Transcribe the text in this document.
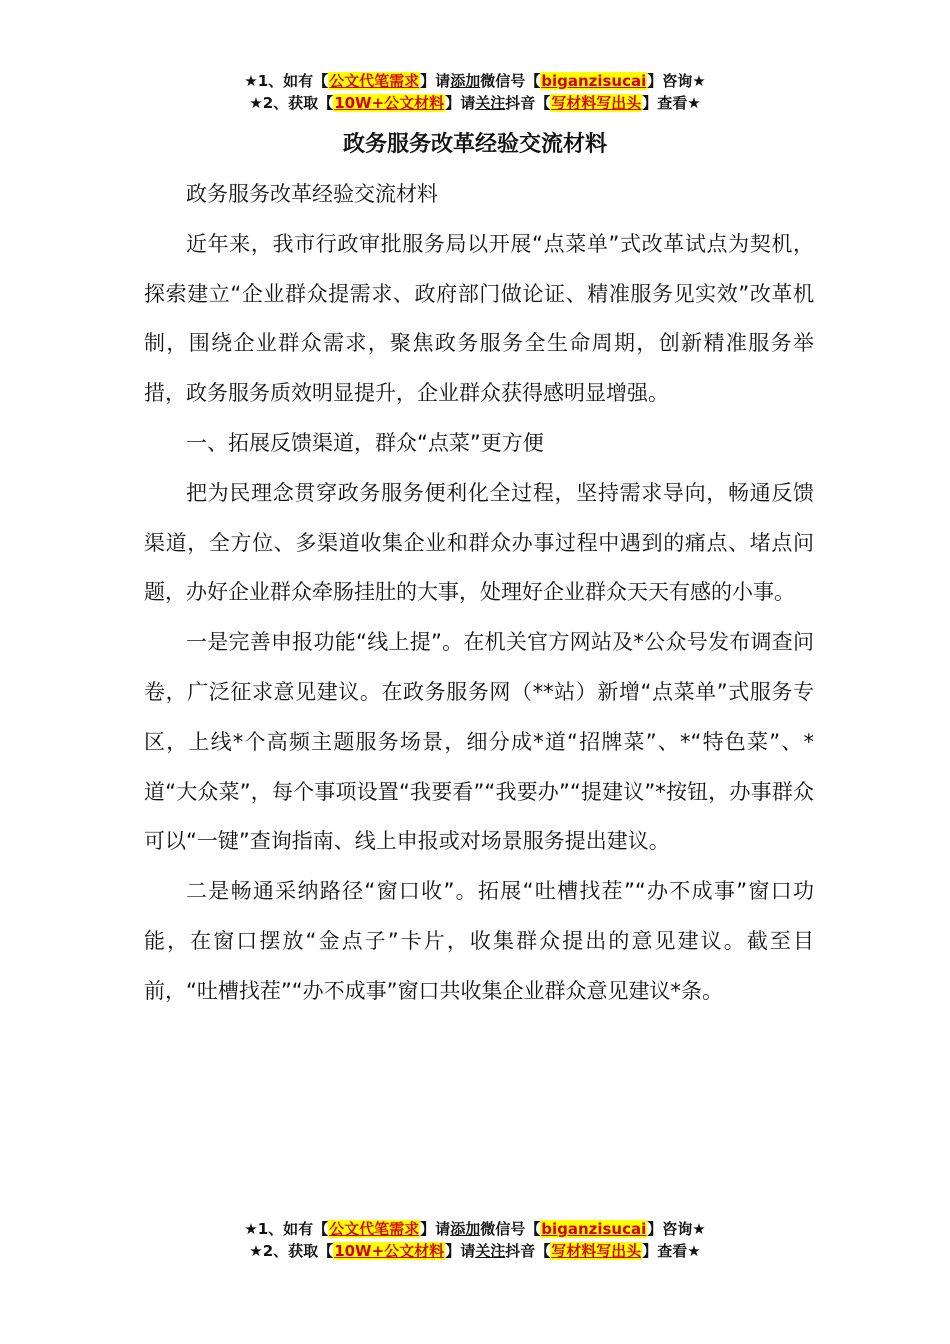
★1、如有【公文代笔需求】请添加微信号【biganzisucai】咨询★
★2、获取【10W+公文材料】请关注抖音【写材料写出头】查看★
政务服务改革经验交流材料

政务服务改革经验交流材料

近年来，我市行政审批服务局以开展“点菜单”式改革试点为契机，探索建立“企业群众提需求、政府部门做论证、精准服务见实效”改革机制，围绕企业群众需求，聚焦政务服务全生命周期，创新精准服务举措，政务服务质效明显提升，企业群众获得感明显增强。

一、拓展反馈渠道，群众“点菜”更方便

把为民理念贯穿政务服务便利化全过程，坚持需求导向，畅通反馈渠道，全方位、多渠道收集企业和群众办事过程中遇到的痛点、堵点问题，办好企业群众牵肠挂肚的大事，处理好企业群众天天有感的小事。

一是完善申报功能“线上提”。在机关官方网站及*公众号发布调查问卷，广泛征求意见建议。在政务服务网（**站）新增“点菜单”式服务专区，上线*个高频主题服务场景，细分成*道“招牌菜”、*“特色菜”、*道“大众菜”，每个事项设置“我要看”“我要办”“提建议”*按钮，办事群众可以“一键”查询指南、线上申报或对场景服务提出建议。

二是畅通采纳路径“窗口收”。拓展“吐槽找茬”“办不成事”窗口功能，在窗口摆放“金点子”卡片，收集群众提出的意见建议。截至目前，“吐槽找茬”“办不成事”窗口共收集企业群众意见建议*条。

★1、如有【公文代笔需求】请添加微信号【biganzisucai】咨询★
★2、获取【10W+公文材料】请关注抖音【写材料写出头】查看★
